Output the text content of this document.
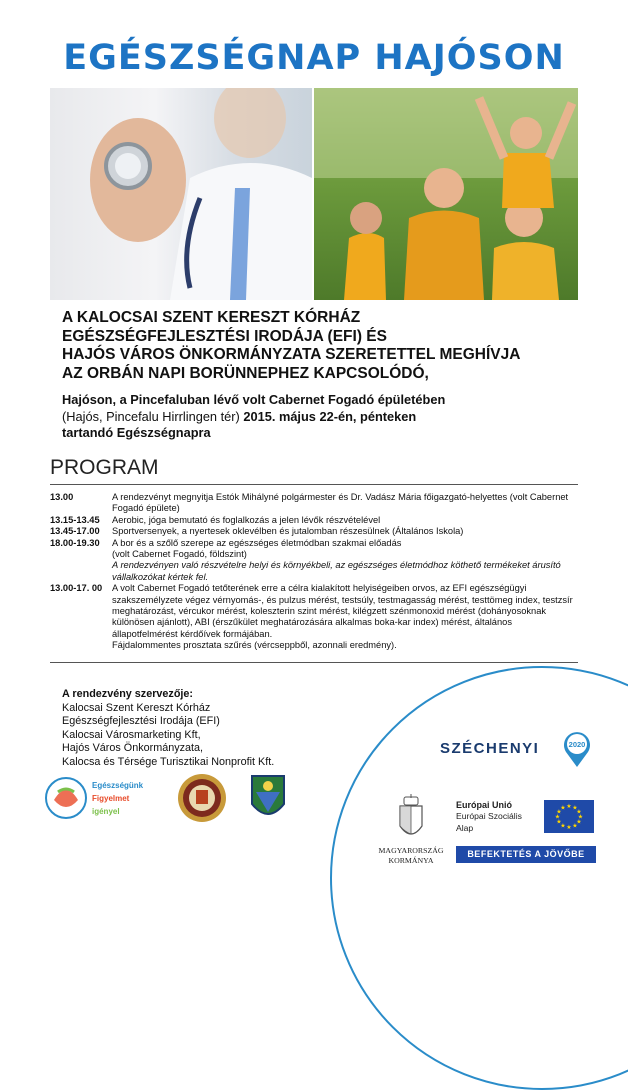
EGÉSZSÉGNAP HAJÓSON
A KALOCSAI SZENT KERESZT KÓRHÁZ
EGÉSZSÉGFEJLESZTÉSI IRODÁJA (EFI) ÉS
HAJÓS VÁROS ÖNKORMÁNYZATA SZERETETTEL MEGHÍVJA
AZ ORBÁN NAPI BORÜNNEPHEZ KAPCSOLÓDÓ,
Hajóson, a Pincefaluban lévő volt Cabernet Fogadó épületében
(Hajós, Pincefalu Hirrlingen tér) 2015. május 22-én, pénteken
tartandó Egészségnapra
PROGRAM
13.00	A rendezvényt megnyitja Estók Mihályné polgármester és Dr. Vadász Mária főigazgató-helyettes (volt Cabernet Fogadó épülete)
13.15-13.45	Aerobic, jóga bemutató és foglalkozás a jelen lévők részvételével
13.45-17.00	Sportversenyek, a nyertesek oklevélben és jutalomban részesülnek (Általános Iskola)
18.00-19.30	A bor és a szőlő szerepe az egészséges életmódban szakmai előadás
(volt Cabernet Fogadó, földszint)
A rendezvényen való részvételre helyi és környékbeli, az egészséges életmódhoz köthető termékeket árusító vállalkozókat kértek fel.
13.00-17. 00	A volt Cabernet Fogadó tetőterének erre a célra kialakított helyiségeiben orvos, az EFI egészségügyi szakszemélyzete végez vérnyomás-, és pulzus mérést, testsúly, testmagasság mérést, testtömeg index, testzsír meghatározást, vércukor mérést, koleszterin szint mérést, kilégzett szénmonoxid mérést (dohányosoknak különösen ajánlott), ABI (érszűkület meghatározására alkalmas boka-kar index) mérést, általános állapotfelmérést kérdőívek formájában.
Fájdalommentes prosztata szűrés (vércseppből, azonnali eredmény).
A rendezvény szervezője:
Kalocsai Szent Kereszt Kórház
Egészségfejlesztési Irodája (EFI)
Kalocsai Városmarketing Kft,
Hajós Város Önkormányzata,
Kalocsa és Térsége Turisztikai Nonprofit Kft.
Egészségünk
Figyelmet
igényel
SZÉCHENYI	2020
MAGYARORSZÁG
KORMÁNYA
Európai Unió
Európai Szociális
Alap
★ ★
★
★
★
★
★
★
★
★
★
★
BEFEKTETÉS A JÖVŐBE
